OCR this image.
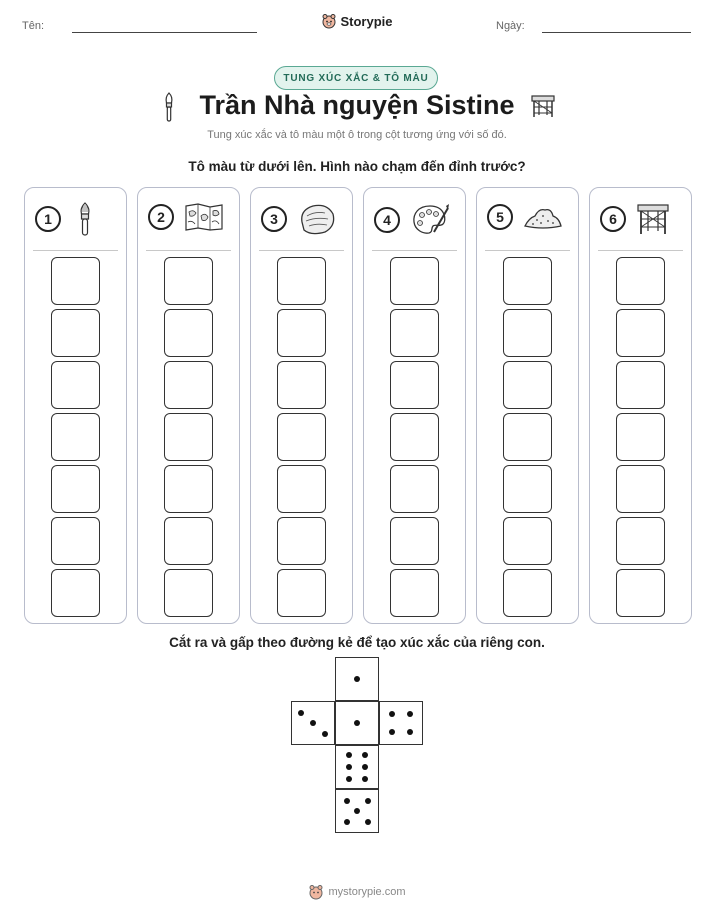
Tên:	Storypie	Ngày:
TUNG XÚC XẮC & TÔ MÀU
Trần Nhà nguyện Sistine
Tung xúc xắc và tô màu một ô trong cột tương ứng với số đó.
Tô màu từ dưới lên. Hình nào chạm đến đỉnh trước?
1	2	3	4	5	6
Cắt ra và gấp theo đường kẻ để tạo xúc xắc của riêng con.
mystorypie.com
